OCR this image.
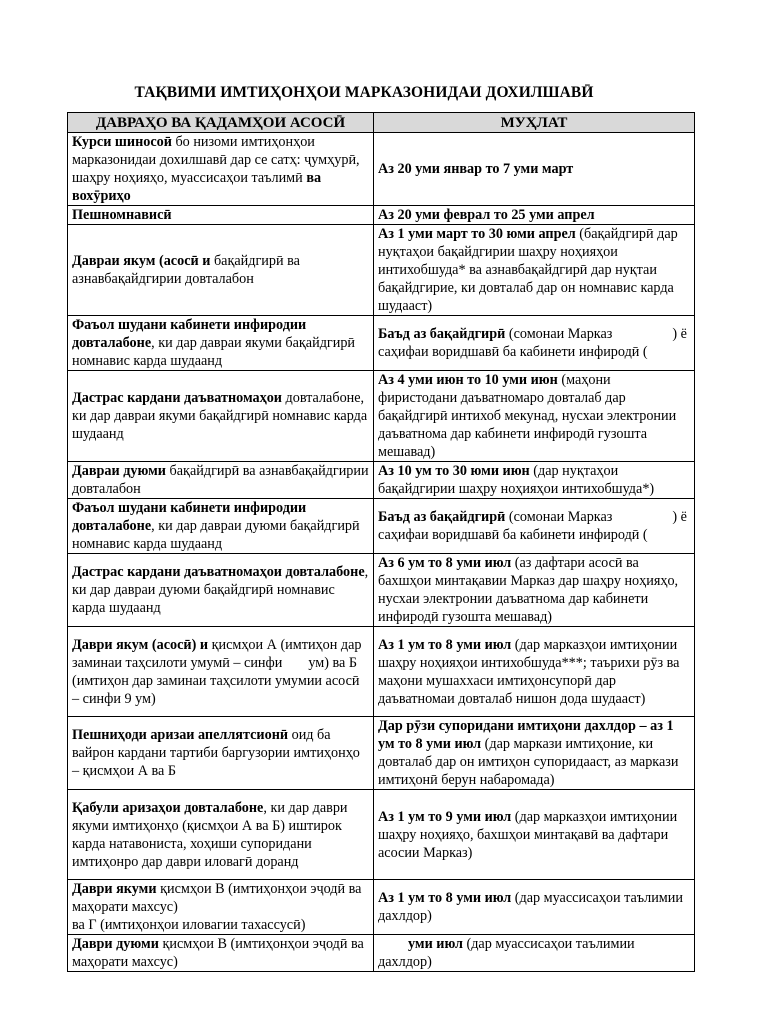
ТАҚВИМИ ИМТИҲОНҲОИ МАРКАЗОНИДАИ ДОХИЛШАВӢ
ДАВРАҲО ВА ҚАДАМҲОИ АСОСӢ	МУҲЛАТ
Курси шиносоӣ бо низоми имтиҳонҳои марказонидаи дохилшавӣ дар се сатҳ: ҷумҳурӣ, шаҳру ноҳияҳо, муассисаҳои таълимӣ ва вохӯриҳо	Аз 20 уми январ то 7 уми март
Пешномнависӣ	Аз 20 уми феврал то 25 уми апрел
Давраи якум (асосӣ и бақайдгирӣ ва азнавбақайдгирии довталабон	Аз 1 уми март то 30 юми апрел (бақайдгирӣ дар нуқтаҳои бақайдгирии шаҳру ноҳияҳои интихобшуда* ва азнавбақайдгирӣ дар нуқтаи бақайдгирие, ки довталаб дар он номнавис карда шудааст)
Фаъол шудани кабинети инфиродии довталабоне, ки дар давраи якуми бақайдгирӣ номнавис карда шудаанд	Баъд аз бақайдгирӣ (сомонаи Марказ ) ё саҳифаи воридшавӣ ба кабинети инфиродӣ (
Дастрас кардани даъватномаҳои довталабоне, ки дар давраи якуми бақайдгирӣ номнавис карда шудаанд	Аз 4 уми июн то 10 уми июн (маҳони фиристодани даъватномаро довталаб дар бақайдгирӣ интихоб мекунад, нусхаи электронии даъватнома дар кабинети инфиродӣ гузошта мешавад)
Давраи дуюми бақайдгирӣ ва азнавбақайдгирии довталабон	Аз 10 ум то 30 юми июн (дар нуқтаҳои бақайдгирии шаҳру ноҳияҳои интихобшуда*)
Фаъол шудани кабинети инфиродии довталабоне, ки дар давраи дуюми бақайдгирӣ номнавис карда шудаанд	Баъд аз бақайдгирӣ (сомонаи Марказ ) ё саҳифаи воридшавӣ ба кабинети инфиродӣ (
Дастрас кардани даъватномаҳои довталабоне, ки дар давраи дуюми бақайдгирӣ номнавис карда шудаанд	Аз 6 ум то 8 уми июл (аз дафтари асосӣ ва бахшҳои минтақавии Марказ дар шаҳру ноҳияҳо, нусхаи электронии даъватнома дар кабинети инфиродӣ гузошта мешавад)
Даври якум (асосӣ) и қисмҳои А (имтиҳон дар заминаи таҳсилоти умумӣ – синфи ум) ва Б (имтиҳон дар заминаи таҳсилоти умумии асосӣ – синфи 9 ум)	Аз 1 ум то 8 уми июл (дар марказҳои имтиҳонии шаҳру ноҳияҳои интихобшуда***; таърихи рӯз ва маҳони мушаххаси имтиҳонсупорӣ дар даъватномаи довталаб нишон дода шудааст)
Пешниҳоди аризаи апеллятсионӣ оид ба вайрон кардани тартиби баргузории имтиҳонҳо – қисмҳои А ва Б	Дар рӯзи супоридани имтиҳони дахлдор – аз 1 ум то 8 уми июл (дар маркази имтиҳоние, ки довталаб дар он имтиҳон супоридааст, аз маркази имтиҳонӣ берун набаромада)
Қабули аризаҳои довталабоне, ки дар даври якуми имтиҳонҳо (қисмҳои А ва Б) иштирок карда натавониста, хоҳиши супоридани имтиҳонро дар даври иловагӣ доранд	Аз 1 ум то 9 уми июл (дар марказҳои имтиҳонии шаҳру ноҳияҳо, бахшҳои минтақавӣ ва дафтари асосии Марказ)
Даври якуми қисмҳои В (имтиҳонҳои эҷодӣ ва маҳорати махсус)
ва Г (имтиҳонҳои иловагии тахассусӣ)	Аз 1 ум то 8 уми июл (дар муассисаҳои таълимии дахлдор)
Даври дуюми қисмҳои В (имтиҳонҳои эҷодӣ ва маҳорати махсус)	уми июл (дар муассисаҳои таълимии дахлдор)
